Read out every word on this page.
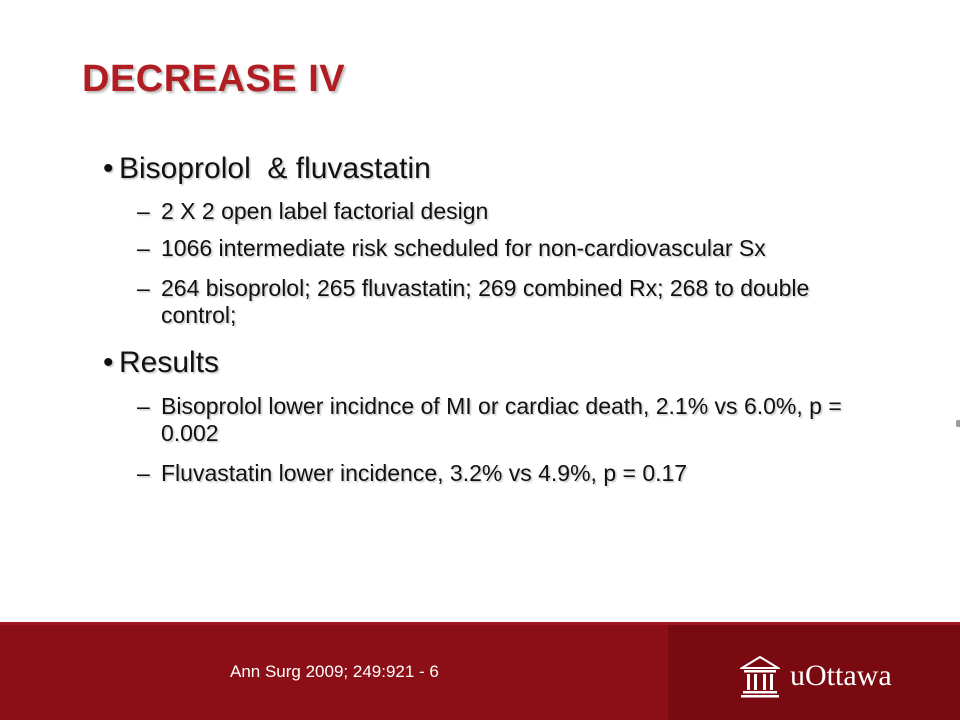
DECREASE IV
• Bisoprolol  & fluvastatin
– 2 X 2 open label factorial design
– 1066 intermediate risk scheduled for non-cardiovascular Sx
– 264 bisoprolol; 265 fluvastatin; 269 combined Rx; 268 to double control;
• Results
– Bisoprolol lower incidnce of MI or cardiac death, 2.1% vs 6.0%, p = 0.002
– Fluvastatin lower incidence, 3.2% vs 4.9%, p = 0.17
Ann Surg 2009; 249:921 - 6	uOttawa
